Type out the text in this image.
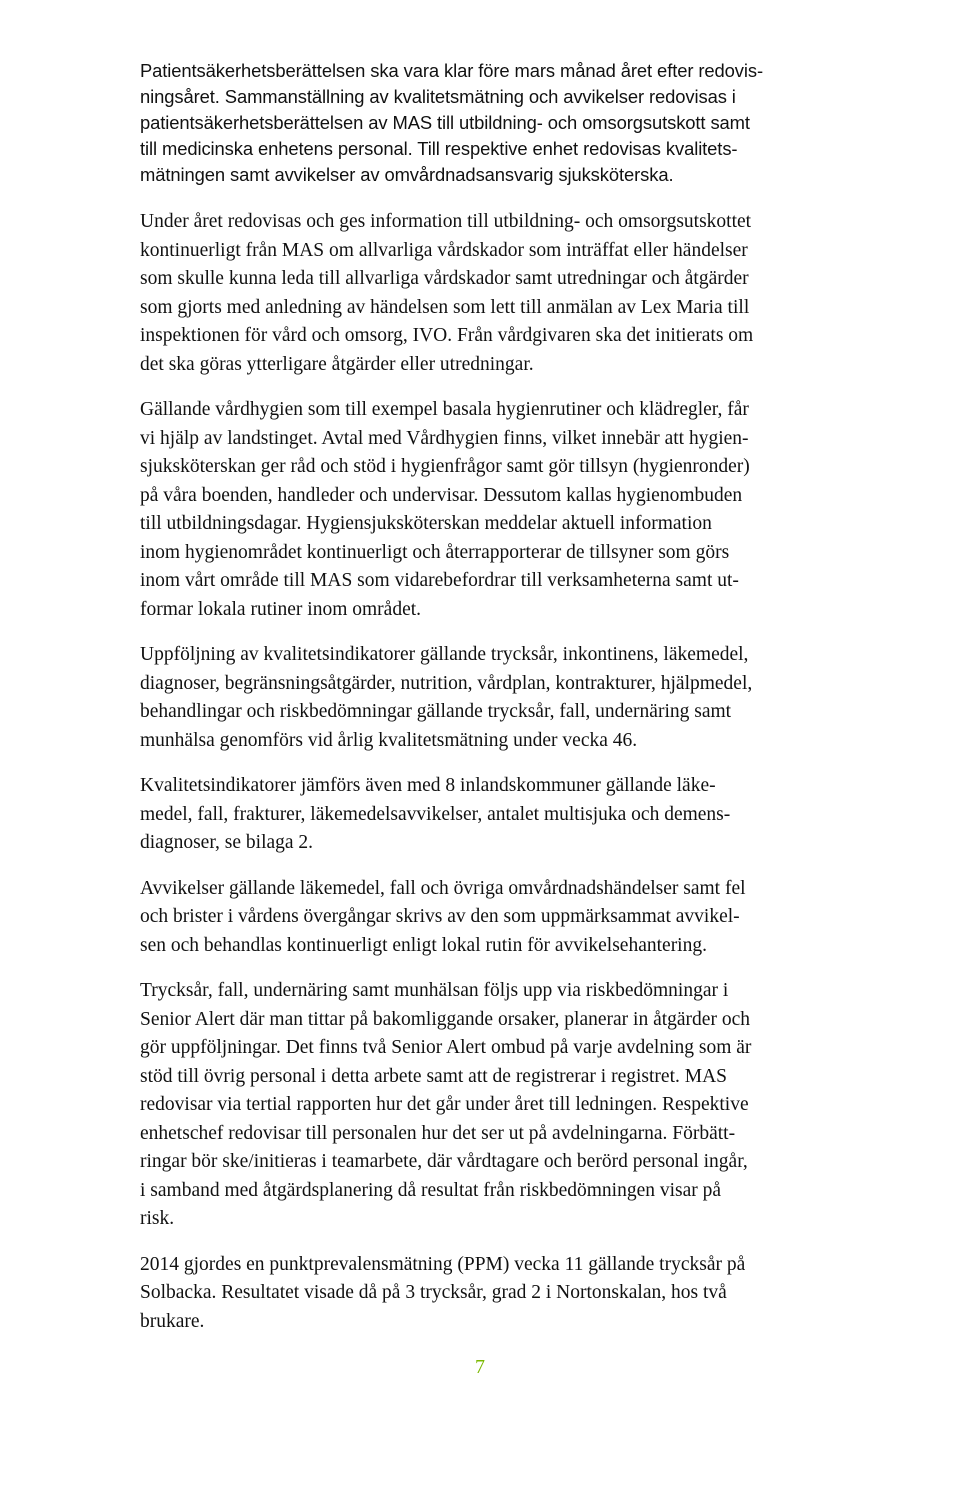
Patientsäkerhetsberättelsen ska vara klar före mars månad året efter redovis-
ningsåret. Sammanställning av kvalitetsmätning och avvikelser redovisas i
patientsäkerhetsberättelsen av MAS till utbildning- och omsorgsutskott samt
till medicinska enhetens personal. Till respektive enhet redovisas kvalitets-
mätningen samt avvikelser av omvårdnadsansvarig sjuksköterska.

Under året redovisas och ges information till utbildning- och omsorgsutskottet
kontinuerligt från MAS om allvarliga vårdskador som inträffat eller händelser
som skulle kunna leda till allvarliga vårdskador samt utredningar och åtgärder
som gjorts med anledning av händelsen som lett till anmälan av Lex Maria till
inspektionen för vård och omsorg, IVO. Från vårdgivaren ska det initierats om
det ska göras ytterligare åtgärder eller utredningar.

Gällande vårdhygien som till exempel basala hygienrutiner och klädregler, får
vi hjälp av landstinget. Avtal med Vårdhygien finns, vilket innebär att hygien-
sjuksköterskan ger råd och stöd i hygienfrågor samt gör tillsyn (hygienronder)
på våra boenden, handleder och undervisar. Dessutom kallas hygienombuden
till utbildningsdagar. Hygiensjuksköterskan meddelar aktuell information
inom hygienområdet kontinuerligt och återrapporterar de tillsyner som görs
inom vårt område till MAS som vidarebefordrar till verksamheterna samt ut-
formar lokala rutiner inom området.

Uppföljning av kvalitetsindikatorer gällande trycksår, inkontinens, läkemedel,
diagnoser, begränsningsåtgärder, nutrition, vårdplan, kontrakturer, hjälpmedel,
behandlingar och riskbedömningar gällande trycksår, fall, undernäring samt
munhälsa genomförs vid årlig kvalitetsmätning under vecka 46.

Kvalitetsindikatorer jämförs även med 8 inlandskommuner gällande läke-
medel, fall, frakturer, läkemedelsavvikelser, antalet multisjuka och demens-
diagnoser, se bilaga 2.

Avvikelser gällande läkemedel, fall och övriga omvårdnadshändelser samt fel
och brister i vårdens övergångar skrivs av den som uppmärksammat avvikel-
sen och behandlas kontinuerligt enligt lokal rutin för avvikelsehantering.

Trycksår, fall, undernäring samt munhälsan följs upp via riskbedömningar i
Senior Alert där man tittar på bakomliggande orsaker, planerar in åtgärder och
gör uppföljningar. Det finns två Senior Alert ombud på varje avdelning som är
stöd till övrig personal i detta arbete samt att de registrerar i registret. MAS
redovisar via tertial rapporten hur det går under året till ledningen. Respektive
enhetschef redovisar till personalen hur det ser ut på avdelningarna. Förbätt-
ringar bör ske/initieras i teamarbete, där vårdtagare och berörd personal ingår,
i samband med åtgärdsplanering då resultat från riskbedömningen visar på
risk.

2014 gjordes en punktprevalensmätning (PPM) vecka 11 gällande trycksår på
Solbacka. Resultatet visade då på 3 trycksår, grad 2 i Nortonskalan, hos två
brukare.

7
